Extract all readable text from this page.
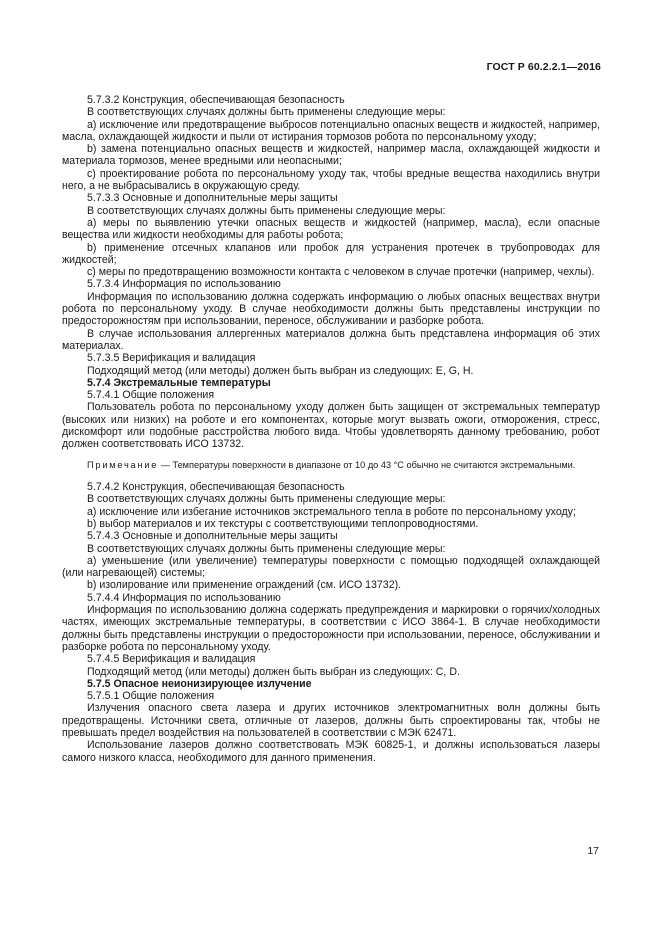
ГОСТ Р 60.2.2.1—2016

5.7.3.2 Конструкция, обеспечивающая безопасность

В соответствующих случаях должны быть применены следующие меры:

а) исключение или предотвращение выбросов потенциально опасных веществ и жидкостей, например, масла, охлаждающей жидкости и пыли от истирания тормозов робота по персональному уходу;

b) замена потенциально опасных веществ и жидкостей, например масла, охлаждающей жидкости и материала тормозов, менее вредными или неопасными;

с) проектирование робота по персональному уходу так, чтобы вредные вещества находились внутри него, а не выбрасывались в окружающую среду.

5.7.3.3 Основные и дополнительные меры защиты

В соответствующих случаях должны быть применены следующие меры:

а) меры по выявлению утечки опасных веществ и жидкостей (например, масла), если опасные вещества или жидкости необходимы для работы робота;

b) применение отсечных клапанов или пробок для устранения протечек в трубопроводах для жидкостей;

с) меры по предотвращению возможности контакта с человеком в случае протечки (например, чехлы).

5.7.3.4 Информация по использованию

Информация по использованию должна содержать информацию о любых опасных веществах внутри робота по персональному уходу. В случае необходимости должны быть представлены инструкции по предосторожностям при использовании, переносе, обслуживании и разборке робота.

В случае использования аллергенных материалов должна быть представлена информация об этих материалах.

5.7.3.5 Верификация и валидация

Подходящий метод (или методы) должен быть выбран из следующих: Е, G, Н.

5.7.4 Экстремальные температуры

5.7.4.1 Общие положения

Пользователь робота по персональному уходу должен быть защищен от экстремальных температур (высоких или низких) на роботе и его компонентах, которые могут вызвать ожоги, отморожения, стресс, дискомфорт или подобные расстройства любого вида. Чтобы удовлетворять данному требованию, робот должен соответствовать ИСО 13732.

Примечание — Температуры поверхности в диапазоне от 10 до 43 °С обычно не считаются экстремальными.

5.7.4.2 Конструкция, обеспечивающая безопасность

В соответствующих случаях должны быть применены следующие меры:

а) исключение или избегание источников экстремального тепла в роботе по персональному уходу;

b) выбор материалов и их текстуры с соответствующими теплопроводностями.

5.7.4.3 Основные и дополнительные меры защиты

В соответствующих случаях должны быть применены следующие меры:

а) уменьшение (или увеличение) температуры поверхности с помощью подходящей охлаждающей (или нагревающей) системы;

b) изолирование или применение ограждений (см. ИСО 13732).

5.7.4.4 Информация по использованию

Информация по использованию должна содержать предупреждения и маркировки о горячих/холодных частях, имеющих экстремальные температуры, в соответствии с ИСО 3864-1. В случае необходимости должны быть представлены инструкции о предосторожности при использовании, переносе, обслуживании и разборке робота по персональному уходу.

5.7.4.5 Верификация и валидация

Подходящий метод (или методы) должен быть выбран из следующих: С, D.

5.7.5 Опасное неионизирующее излучение

5.7.5.1 Общие положения

Излучения опасного света лазера и других источников электромагнитных волн должны быть предотвращены. Источники света, отличные от лазеров, должны быть спроектированы так, чтобы не превышать предел воздействия на пользователей в соответствии с МЭК 62471.

Использование лазеров должно соответствовать МЭК 60825-1, и должны использоваться лазеры самого низкого класса, необходимого для данного применения.

17
